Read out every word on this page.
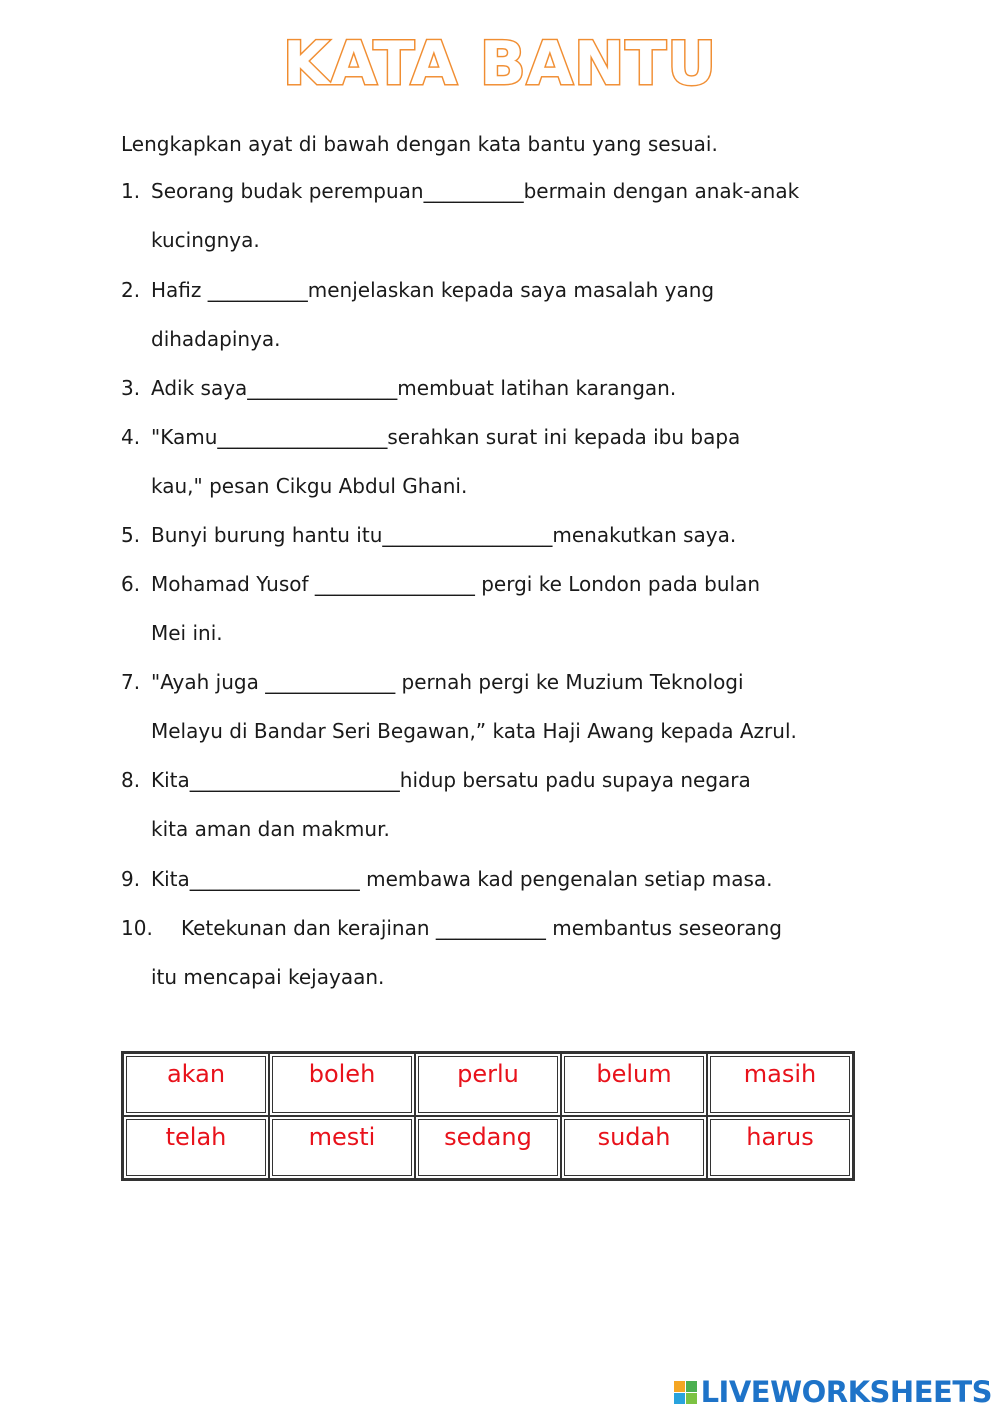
KATA BANTU
Lengkapkan ayat di bawah dengan kata bantu yang sesuai.
1. Seorang budak perempuan__________bermain dengan anak-anak
kucingnya.
2. Hafiz __________menjelaskan kepada saya masalah yang
dihadapinya.
3. Adik saya_______________membuat latihan karangan.
4. "Kamu_________________serahkan surat ini kepada ibu bapa
kau," pesan Cikgu Abdul Ghani.
5. Bunyi burung hantu itu_________________menakutkan saya.
6. Mohamad Yusof ________________ pergi ke London pada bulan
Mei ini.
7. "Ayah juga _____________ pernah pergi ke Muzium Teknologi
Melayu di Bandar Seri Begawan,” kata Haji Awang kepada Azrul.
8. Kita_____________________hidup bersatu padu supaya negara
kita aman dan makmur.
9. Kita_________________ membawa kad pengenalan setiap masa.
10.	Ketekunan dan kerajinan ___________ membantus seseorang
itu mencapai kejayaan.
akan	boleh	perlu	belum	masih
telah	mesti	sedang	sudah	harus
LIVEWORKSHEETS
